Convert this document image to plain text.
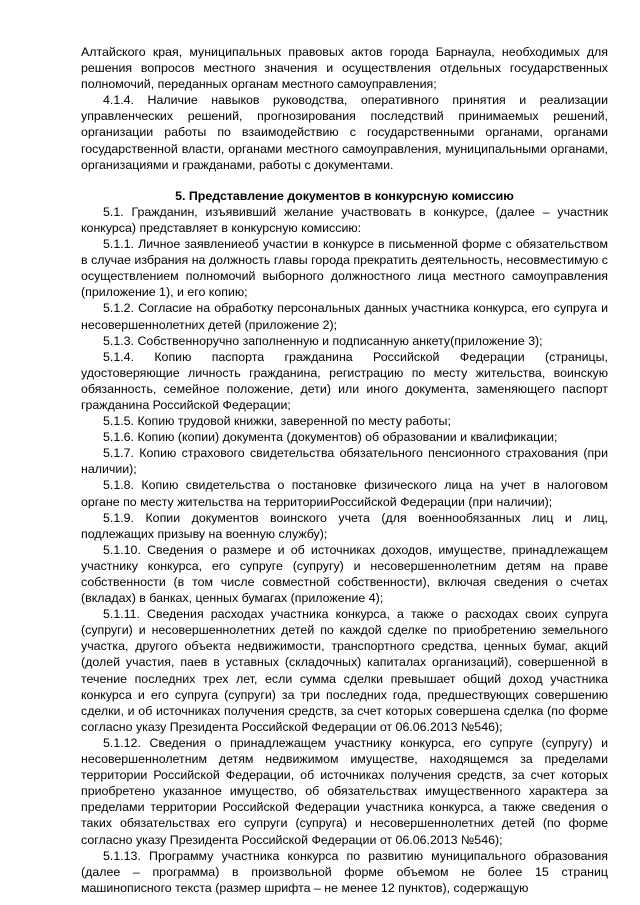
Алтайского края, муниципальных правовых актов города Барнаула, необходимых для решения вопросов местного значения и осуществления отдельных государственных полномочий, переданных органам местного самоуправления;

4.1.4. Наличие навыков руководства, оперативного принятия и реализации управленческих решений, прогнозирования последствий принимаемых решений, организации работы по взаимодействию с государственными органами, органами государственной власти, органами местного самоуправления, муниципальными органами, организациями и гражданами, работы с документами.

5. Представление документов в конкурсную комиссию

5.1. Гражданин, изъявивший желание участвовать в конкурсе, (далее – участник конкурса) представляет в конкурсную комиссию:

5.1.1. Личное заявлениеоб участии в конкурсе в письменной форме с обязательством в случае избрания на должность главы города прекратить деятельность, несовместимую с осуществлением полномочий выборного должностного лица местного самоуправления (приложение 1), и его копию;

5.1.2. Согласие на обработку персональных данных участника конкурса, его супруга и несовершеннолетних детей (приложение 2);

5.1.3. Собственноручно заполненную и подписанную анкету(приложение 3);

5.1.4. Копию паспорта гражданина Российской Федерации (страницы, удостоверяющие личность гражданина, регистрацию по месту жительства, воинскую обязанность, семейное положение, дети) или иного документа, заменяющего паспорт гражданина Российской Федерации;

5.1.5. Копию трудовой книжки, заверенной по месту работы;

5.1.6. Копию (копии) документа (документов) об образовании и квалификации;

5.1.7. Копию страхового свидетельства обязательного пенсионного страхования (при наличии);

5.1.8. Копию свидетельства о постановке физического лица на учет в налоговом органе по месту жительства на территорииРоссийской Федерации (при наличии);

5.1.9. Копии документов воинского учета (для военнообязанных лиц и лиц, подлежащих призыву на военную службу);

5.1.10. Сведения о размере и об источниках доходов, имуществе, принадлежащем участнику конкурса, его супруге (супругу) и несовершеннолетним детям на праве собственности (в том числе совместной собственности), включая сведения о счетах (вкладах) в банках, ценных бумагах (приложение 4);

5.1.11. Сведения расходах участника конкурса, а также о расходах своих супруга (супруги) и несовершеннолетних детей по каждой сделке по приобретению земельного участка, другого объекта недвижимости, транспортного средства, ценных бумаг, акций (долей участия, паев в уставных (складочных) капиталах организаций), совершенной в течение последних трех лет, если сумма сделки превышает общий доход участника конкурса и его супруга (супруги) за три последних года, предшествующих совершению сделки, и об источниках получения средств, за счет которых совершена сделка (по форме согласно указу Президента Российской Федерации от 06.06.2013 №546);

5.1.12. Сведения о принадлежащем участнику конкурса, его супруге (супругу) и несовершеннолетним детям недвижимом имуществе, находящемся за пределами территории Российской Федерации, об источниках получения средств, за счет которых приобретено указанное имущество, об обязательствах имущественного характера за пределами территории Российской Федерации участника конкурса, а также сведения о таких обязательствах его супруги (супруга) и несовершеннолетних детей (по форме согласно указу Президента Российской Федерации от 06.06.2013 №546);

5.1.13. Программу участника конкурса по развитию муниципального образования (далее – программа) в произвольной форме объемом не более 15 страниц машинописного текста (размер шрифта – не менее 12 пунктов), содержащую
